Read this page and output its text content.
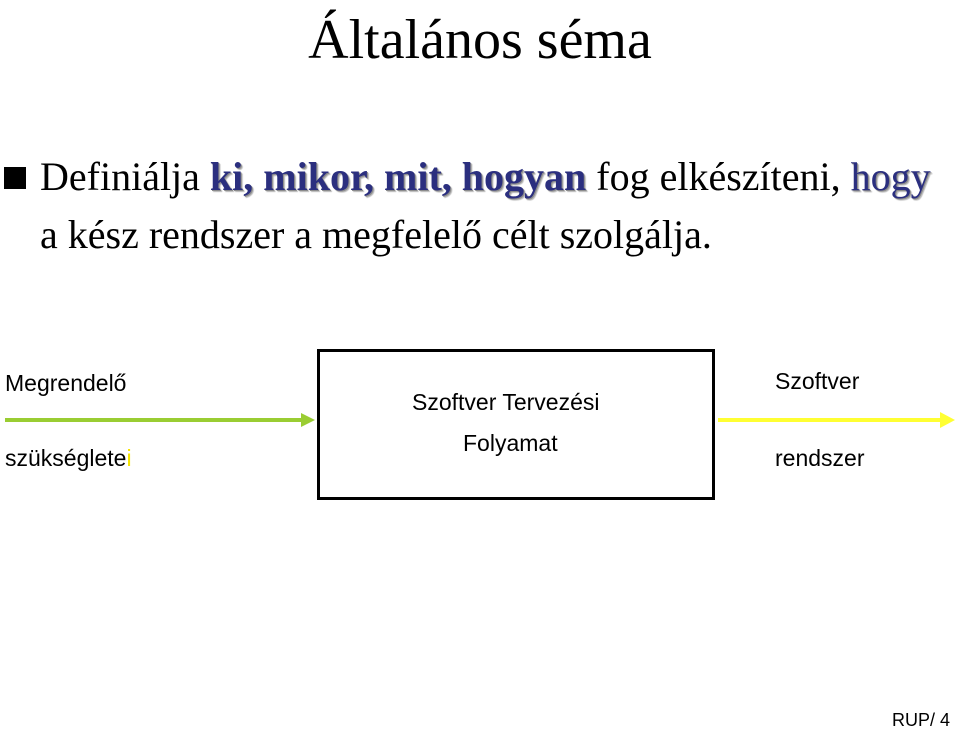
Általános séma
Definiálja ki, mikor, mit, hogyan fog elkészíteni, hogy a kész rendszer a megfelelő célt szolgálja.
Megrendelő
szükségletei
Szoftver Tervezési
Folyamat
Szoftver
rendszer
RUP/ 4
